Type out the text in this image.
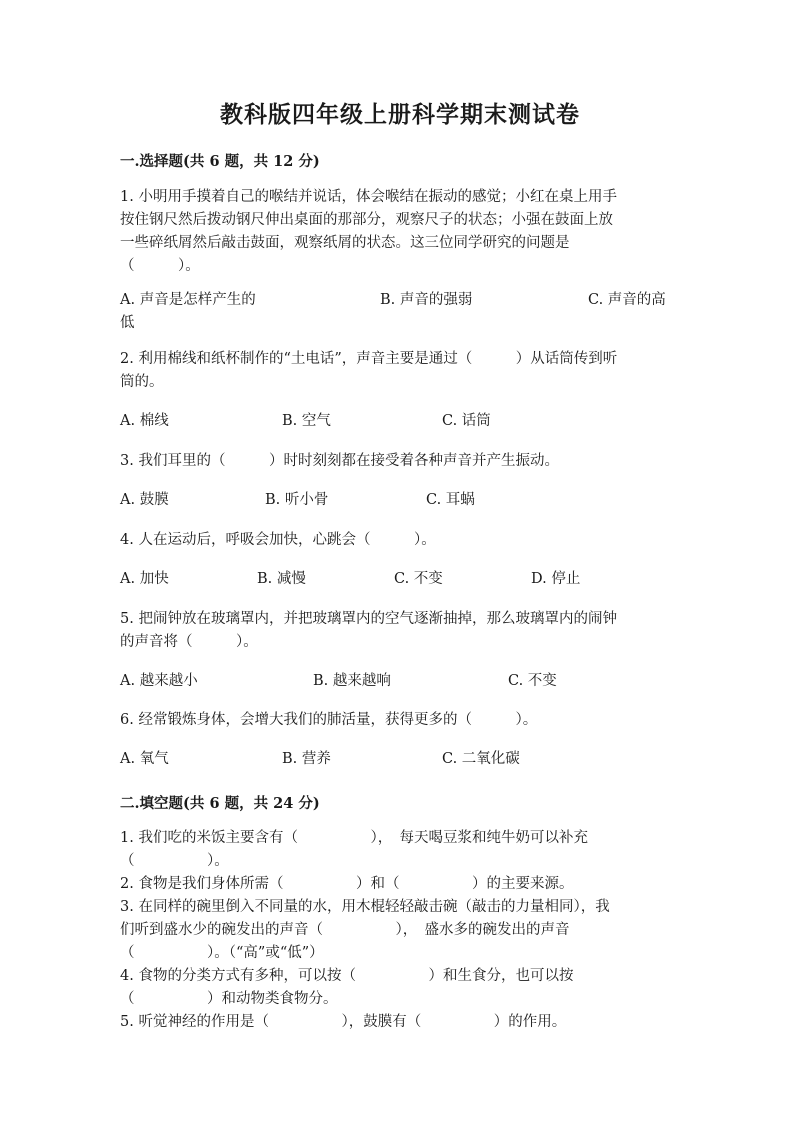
教科版四年级上册科学期末测试卷
一.选择题(共 6 题，共 12 分)
1. 小明用手摸着自己的喉结并说话，体会喉结在振动的感觉；小红在桌上用手
按住钢尺然后拨动钢尺伸出桌面的那部分，观察尺子的状态；小强在鼓面上放
一些碎纸屑然后敲击鼓面，观察纸屑的状态。这三位同学研究的问题是
（　　　）。
A. 声音是怎样产生的	B. 声音的强弱	C. 声音的高
低
2. 利用棉线和纸杯制作的“土电话”，声音主要是通过（　　　）从话筒传到听
筒的。
A. 棉线	B. 空气	C. 话筒
3. 我们耳里的（　　　）时时刻刻都在接受着各种声音并产生振动。
A. 鼓膜	B. 听小骨	C. 耳蜗
4. 人在运动后，呼吸会加快，心跳会（　　　）。
A. 加快	B. 减慢	C. 不变	D. 停止
5. 把闹钟放在玻璃罩内，并把玻璃罩内的空气逐渐抽掉，那么玻璃罩内的闹钟
的声音将（　　　）。
A. 越来越小	B. 越来越响	C. 不变
6. 经常锻炼身体，会增大我们的肺活量，获得更多的（　　　）。
A. 氧气	B. 营养	C. 二氧化碳
二.填空题(共 6 题，共 24 分)
1. 我们吃的米饭主要含有（　　　　　），　每天喝豆浆和纯牛奶可以补充
（　　　　　）。
2. 食物是我们身体所需（　　　　　）和（　　　　　）的主要来源。
3. 在同样的碗里倒入不同量的水，用木棍轻轻敲击碗（敲击的力量相同），我
们听到盛水少的碗发出的声音（　　　　　），　盛水多的碗发出的声音
（　　　　　）。（“高”或“低”）
4. 食物的分类方式有多种，可以按（　　　　　）和生食分，也可以按
（　　　　　）和动物类食物分。
5. 听觉神经的作用是（　　　　　），鼓膜有（　　　　　）的作用。
